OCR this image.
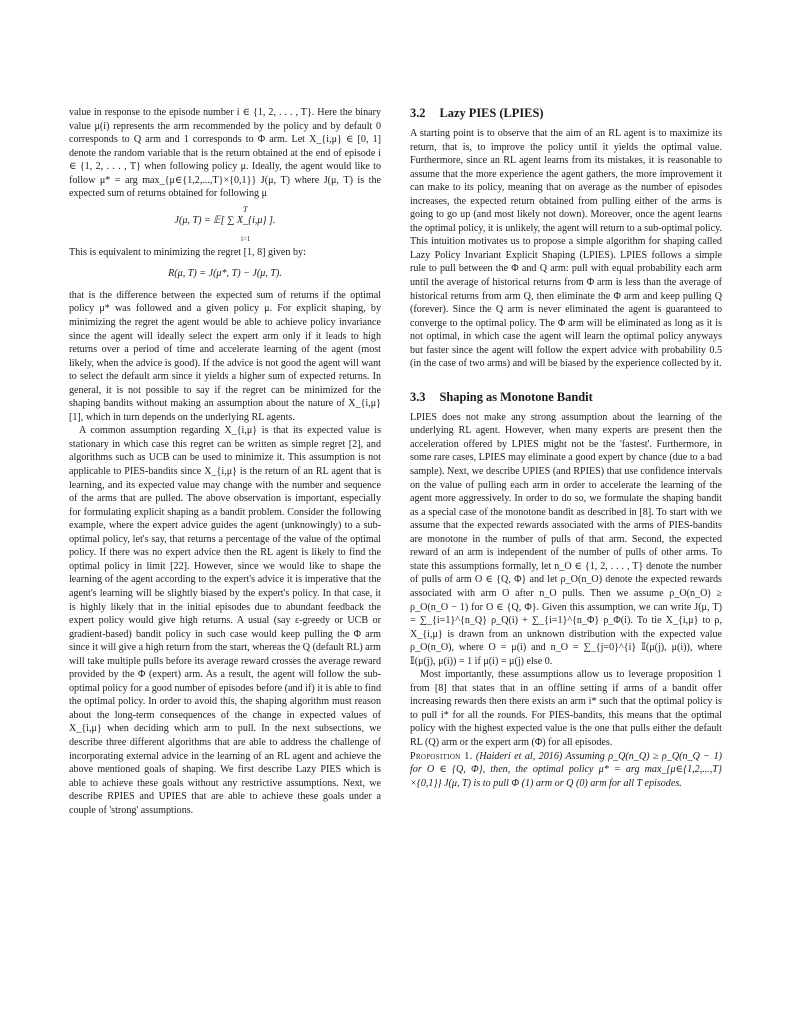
value in response to the episode number i ∈ {1, 2, . . . , T}. Here the binary value μ(i) represents the arm recommended by the policy and by default 0 corresponds to Q arm and 1 corresponds to Φ arm. Let X_{i,μ} ∈ [0, 1] denote the random variable that is the return obtained at the end of episode i ∈ {1, 2, . . . , T} when following policy μ. Ideally, the agent would like to follow μ* = arg max_{μ∈{1,2,...,T}×{0,1}} J(μ, T) where J(μ, T) is the expected sum of returns obtained for following μ

T
J(μ, T) = 𝔼[ ∑ X_{i,μ} ].
i=1

This is equivalent to minimizing the regret [1, 8] given by:

R(μ, T) = J(μ*, T) − J(μ, T).

that is the difference between the expected sum of returns if the optimal policy μ* was followed and a given policy μ. For explicit shaping, by minimizing the regret the agent would be able to achieve policy invariance since the agent will ideally select the expert arm only if it leads to high returns over a period of time and accelerate learning of the agent (most likely, when the advice is good). If the advice is not good the agent will want to select the default arm since it yields a higher sum of expected returns. In general, it is not possible to say if the regret can be minimized for the shaping bandits without making an assumption about the nature of X_{i,μ} [1], which in turn depends on the underlying RL agents.

A common assumption regarding X_{i,μ} is that its expected value is stationary in which case this regret can be written as simple regret [2], and algorithms such as UCB can be used to minimize it. This assumption is not applicable to PIES-bandits since X_{i,μ} is the return of an RL agent that is learning, and its expected value may change with the number and sequence of the arms that are pulled. The above observation is important, especially for formulating explicit shaping as a bandit problem. Consider the following example, where the expert advice guides the agent (unknowingly) to a sub-optimal policy, let's say, that returns a percentage of the value of the optimal policy. If there was no expert advice then the RL agent is likely to find the optimal policy in limit [22]. However, since we would like to shape the learning of the agent according to the expert's advice it is imperative that the agent's learning will be slightly biased by the expert's policy. In that case, it is highly likely that in the initial episodes due to abundant feedback the expert policy would give high returns. A usual (say ε-greedy or UCB or gradient-based) bandit policy in such case would keep pulling the Φ arm since it will give a high return from the start, whereas the Q (default RL) arm will take multiple pulls before its average reward crosses the average reward provided by the Φ (expert) arm. As a result, the agent will follow the sub-optimal policy for a good number of episodes before (and if) it is able to find the optimal policy. In order to avoid this, the shaping algorithm must reason about the long-term consequences of the change in expected values of X_{i,μ} when deciding which arm to pull. In the next subsections, we describe three different algorithms that are able to address the challenge of incorporating external advice in the learning of an RL agent and achieve the above mentioned goals of shaping. We first describe Lazy PIES which is able to achieve these goals without any restrictive assumptions. Next, we describe RPIES and UPIES that are able to achieve these goals under a couple of 'strong' assumptions.

3.2 Lazy PIES (LPIES)

A starting point is to observe that the aim of an RL agent is to maximize its return, that is, to improve the policy until it yields the optimal value. Furthermore, since an RL agent learns from its mistakes, it is reasonable to assume that the more experience the agent gathers, the more improvement it can make to its policy, meaning that on average as the number of episodes increases, the expected return obtained from pulling either of the arms is going to go up (and most likely not down). Moreover, once the agent learns the optimal policy, it is unlikely, the agent will return to a sub-optimal policy. This intuition motivates us to propose a simple algorithm for shaping called Lazy Policy Invariant Explicit Shaping (LPIES). LPIES follows a simple rule to pull between the Φ and Q arm: pull with equal probability each arm until the average of historical returns from Φ arm is less than the average of historical returns from arm Q, then eliminate the Φ arm and keep pulling Q (forever). Since the Q arm is never eliminated the agent is guaranteed to converge to the optimal policy. The Φ arm will be eliminated as long as it is not optimal, in which case the agent will learn the optimal policy anyways but faster since the agent will follow the expert advice with probability 0.5 (in the case of two arms) and will be biased by the experience collected by it.

3.3 Shaping as Monotone Bandit

LPIES does not make any strong assumption about the learning of the underlying RL agent. However, when many experts are present then the acceleration offered by LPIES might not be the 'fastest'. Furthermore, in some rare cases, LPIES may eliminate a good expert by chance (due to a bad sample). Next, we describe UPIES (and RPIES) that use confidence intervals on the value of pulling each arm in order to accelerate the learning of the agent more aggressively. In order to do so, we formulate the shaping bandit as a special case of the monotone bandit as described in [8]. To start with we assume that the expected rewards associated with the arms of PIES-bandits are monotone in the number of pulls of that arm. Second, the expected reward of an arm is independent of the number of pulls of other arms. To state this assumptions formally, let n_O ∈ {1, 2, . . . , T} denote the number of pulls of arm O ∈ {Q, Φ} and let ρ_O(n_O) denote the expected rewards associated with arm O after n_O pulls. Then we assume ρ_O(n_O) ≥ ρ_O(n_O − 1) for O ∈ {Q, Φ}. Given this assumption, we can write J(μ, T) = ∑_{i=1}^{n_Q} ρ_Q(i) + ∑_{i=1}^{n_Φ} ρ_Φ(i). To tie X_{i,μ} to ρ, X_{i,μ} is drawn from an unknown distribution with the expected value ρ_O(n_O), where O = μ(i) and n_O = ∑_{j=0}^{i} 𝕀(μ(j), μ(i)), where 𝕀(μ(j), μ(i)) = 1 if μ(i) = μ(j) else 0.

Most importantly, these assumptions allow us to leverage proposition 1 from [8] that states that in an offline setting if arms of a bandit offer increasing rewards then there exists an arm i* such that the optimal policy is to pull i* for all the rounds. For PIES-bandits, this means that the optimal policy with the highest expected value is the one that pulls either the default RL (Q) arm or the expert arm (Φ) for all episodes.

Proposition 1. (Haiderí et al, 2016) Assuming ρ_Q(n_Q) ≥ ρ_Q(n_Q − 1) for O ∈ {Q, Φ}, then, the optimal policy μ* = arg max_{μ∈{1,2,...,T}×{0,1}} J(μ, T) is to pull Φ (1) arm or Q (0) arm for all T episodes.
